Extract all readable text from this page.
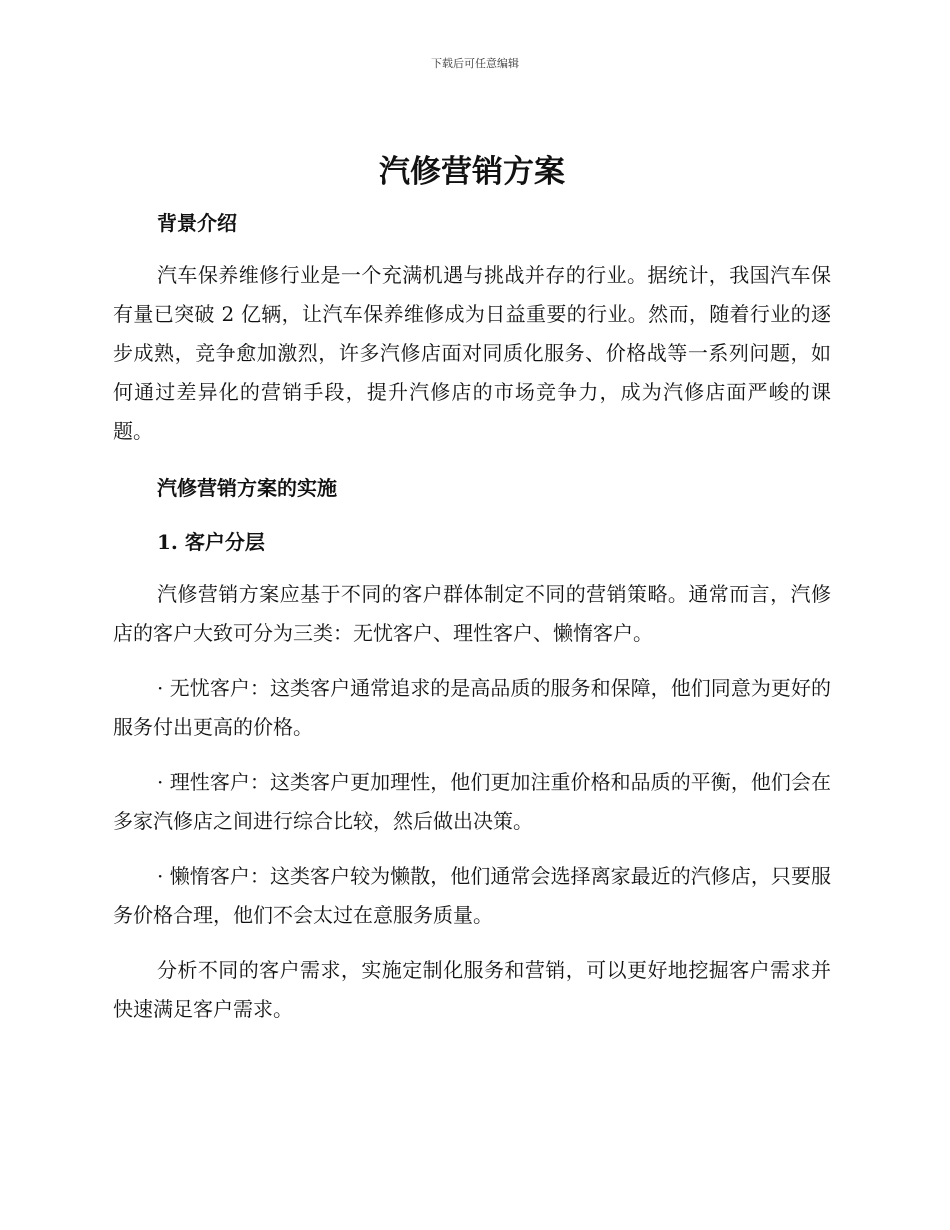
下载后可任意编辑
汽修营销方案

背景介绍

汽车保养维修行业是一个充满机遇与挑战并存的行业。据统计，我国汽车保有量已突破 2 亿辆，让汽车保养维修成为日益重要的行业。然而，随着行业的逐步成熟，竞争愈加激烈，许多汽修店面对同质化服务、价格战等一系列问题，如何通过差异化的营销手段，提升汽修店的市场竞争力，成为汽修店面严峻的课题。

汽修营销方案的实施

1. 客户分层

汽修营销方案应基于不同的客户群体制定不同的营销策略。通常而言，汽修店的客户大致可分为三类：无忧客户、理性客户、懒惰客户。

· 无忧客户：这类客户通常追求的是高品质的服务和保障，他们同意为更好的服务付出更高的价格。

· 理性客户：这类客户更加理性，他们更加注重价格和品质的平衡，他们会在多家汽修店之间进行综合比较，然后做出决策。

· 懒惰客户：这类客户较为懒散，他们通常会选择离家最近的汽修店，只要服务价格合理，他们不会太过在意服务质量。

分析不同的客户需求，实施定制化服务和营销，可以更好地挖掘客户需求并快速满足客户需求。
